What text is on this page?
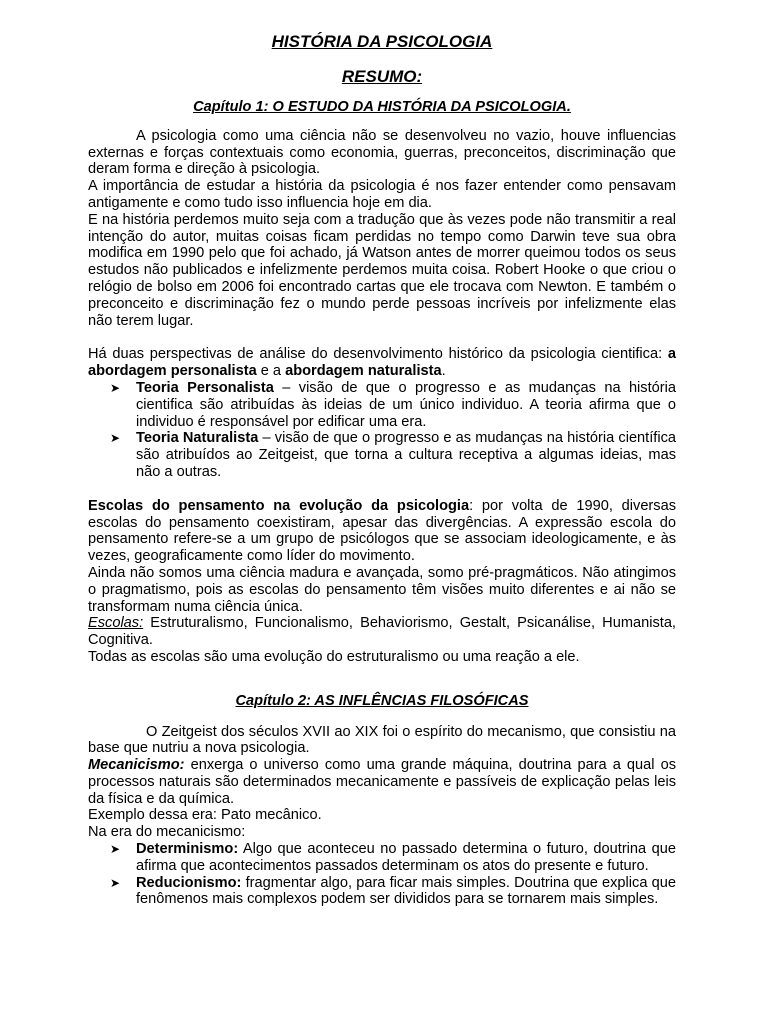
HISTÓRIA DA PSICOLOGIA
RESUMO:
Capítulo 1: O ESTUDO DA HISTÓRIA DA PSICOLOGIA.

A psicologia como uma ciência não se desenvolveu no vazio, houve influencias externas e forças contextuais como economia, guerras, preconceitos, discriminação que deram forma e direção à psicologia.

A importância de estudar a história da psicologia é nos fazer entender como pensavam antigamente e como tudo isso influencia hoje em dia.

E na história perdemos muito seja com a tradução que às vezes pode não transmitir a real intenção do autor, muitas coisas ficam perdidas no tempo como Darwin teve sua obra modifica em 1990 pelo que foi achado, já Watson antes de morrer queimou todos os seus estudos não publicados e infelizmente perdemos muita coisa. Robert Hooke o que criou o relógio de bolso em 2006 foi encontrado cartas que ele trocava com Newton. E também o preconceito e discriminação fez o mundo perde pessoas incríveis por infelizmente elas não terem lugar.

Há duas perspectivas de análise do desenvolvimento histórico da psicologia cientifica: a abordagem personalista e a abordagem naturalista.

➤ Teoria Personalista – visão de que o progresso e as mudanças na história cientifica são atribuídas às ideias de um único individuo. A teoria afirma que o individuo é responsável por edificar uma era.
➤ Teoria Naturalista – visão de que o progresso e as mudanças na história científica são atribuídos ao Zeitgeist, que torna a cultura receptiva a algumas ideias, mas não a outras.

Escolas do pensamento na evolução da psicologia: por volta de 1990, diversas escolas do pensamento coexistiram, apesar das divergências. A expressão escola do pensamento refere-se a um grupo de psicólogos que se associam ideologicamente, e às vezes, geograficamente como líder do movimento.

Ainda não somos uma ciência madura e avançada, somo pré-pragmáticos. Não atingimos o pragmatismo, pois as escolas do pensamento têm visões muito diferentes e ai não se transformam numa ciência única.

Escolas: Estruturalismo, Funcionalismo, Behaviorismo, Gestalt, Psicanálise, Humanista, Cognitiva.

Todas as escolas são uma evolução do estruturalismo ou uma reação a ele.

Capítulo 2: AS INFLÊNCIAS FILOSÓFICAS

O Zeitgeist dos séculos XVII ao XIX foi o espírito do mecanismo, que consistiu na base que nutriu a nova psicologia.

Mecanicismo: enxerga o universo como uma grande máquina, doutrina para a qual os processos naturais são determinados mecanicamente e passíveis de explicação pelas leis da física e da química.

Exemplo dessa era: Pato mecânico.

Na era do mecanicismo:

➤ Determinismo: Algo que aconteceu no passado determina o futuro, doutrina que afirma que acontecimentos passados determinam os atos do presente e futuro.
➤ Reducionismo: fragmentar algo, para ficar mais simples. Doutrina que explica que fenômenos mais complexos podem ser divididos para se tornarem mais simples.
